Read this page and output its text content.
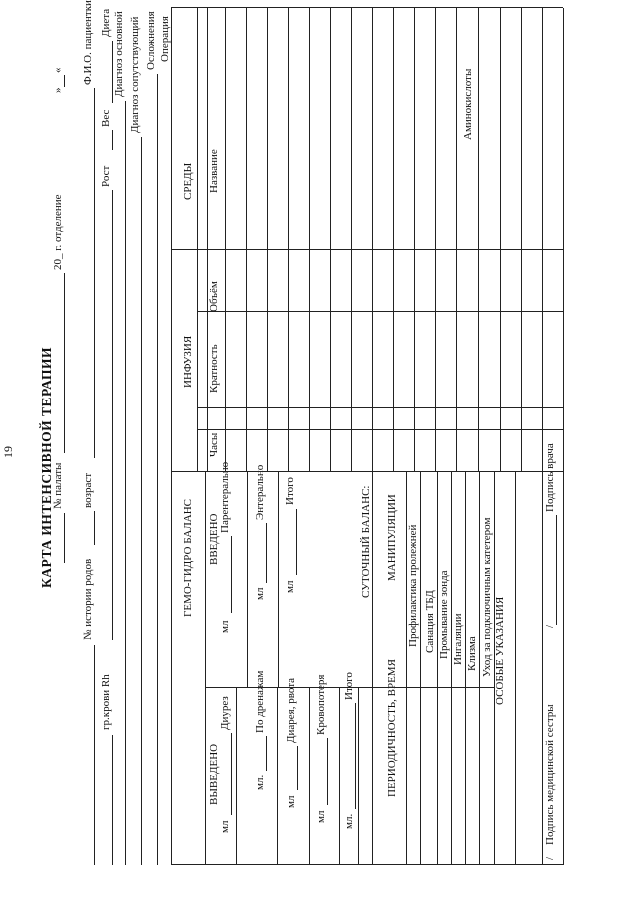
19
«
»
20_ г. отделение
№ палаты
КАРТА ИНТЕНСИВНОЙ ТЕРАПИИ
Ф.И.О. пациентки
возраст
№ истории родов
Диета
Вес
Рост
гр.крови Rh
Диагноз основной Диагноз сопутствующий Осложнения Операция
СРЕДЫ
ИНФУЗИЯ
Название
Объём
Кратность
Часы
Аминокислоты
ГЕМО-ГИДРО БАЛАНС ВВЕДЕНО
ВЫВЕДЕНО
Парентерально
мл
Энтерально
мл
Итого
мл
Диурез
мл
По дренажам
мл.
Диарея, рвота
мл
Кровопотеря
мл
Итого
мл.
СУТОЧНЫЙ БАЛАНС: МАНИПУЛЯЦИИ
ПЕРИОДИЧНОСТЬ, ВРЕМЯ
ОСОБЫЕ УКАЗАНИЯ
Подпись врача
/
Подпись медицинской сестры
/
Профилактика пролежней Санация ТБД Промывание зонда Ингаляции Клизма Уход за подключичным катетером
